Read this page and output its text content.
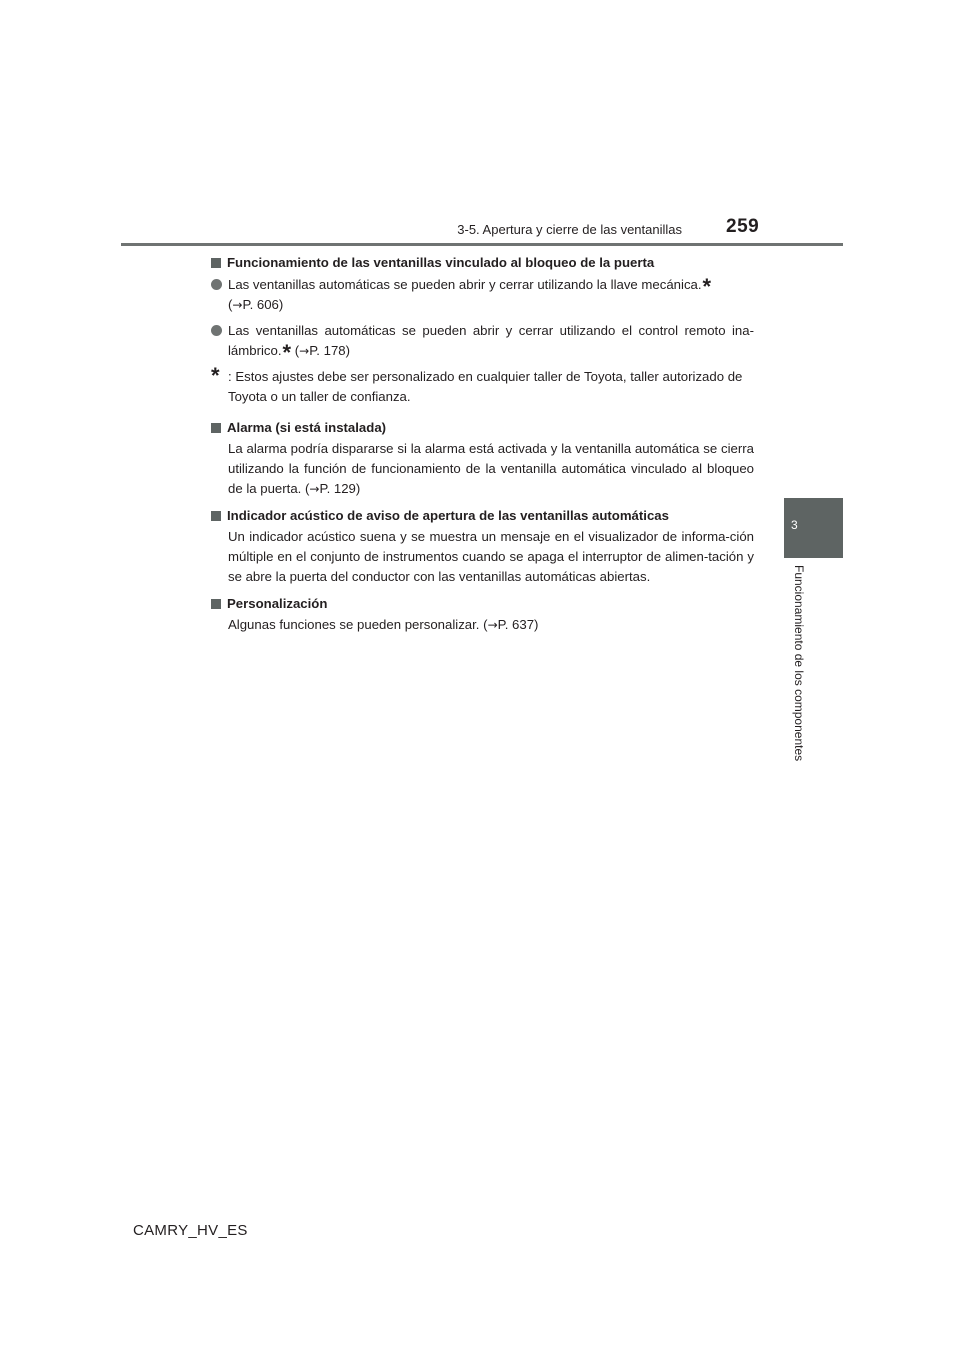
3-5. Apertura y cierre de las ventanillas 259
3
Funcionamiento de los componentes
Funcionamiento de las ventanillas vinculado al bloqueo de la puerta

Las ventanillas automáticas se pueden abrir y cerrar utilizando la llave mecánica.*
(→P. 606)

Las ventanillas automáticas se pueden abrir y cerrar utilizando el control remoto ina-lámbrico.* (→P. 178)

* : Estos ajustes debe ser personalizado en cualquier taller de Toyota, taller autorizado de Toyota o un taller de confianza.

Alarma (si está instalada)

La alarma podría dispararse si la alarma está activada y la ventanilla automática se cierra utilizando la función de funcionamiento de la ventanilla automática vinculado al bloqueo de la puerta. (→P. 129)

Indicador acústico de aviso de apertura de las ventanillas automáticas

Un indicador acústico suena y se muestra un mensaje en el visualizador de informa-ción múltiple en el conjunto de instrumentos cuando se apaga el interruptor de alimen-tación y se abre la puerta del conductor con las ventanillas automáticas abiertas.

Personalización

Algunas funciones se pueden personalizar. (→P. 637)

CAMRY_HV_ES
